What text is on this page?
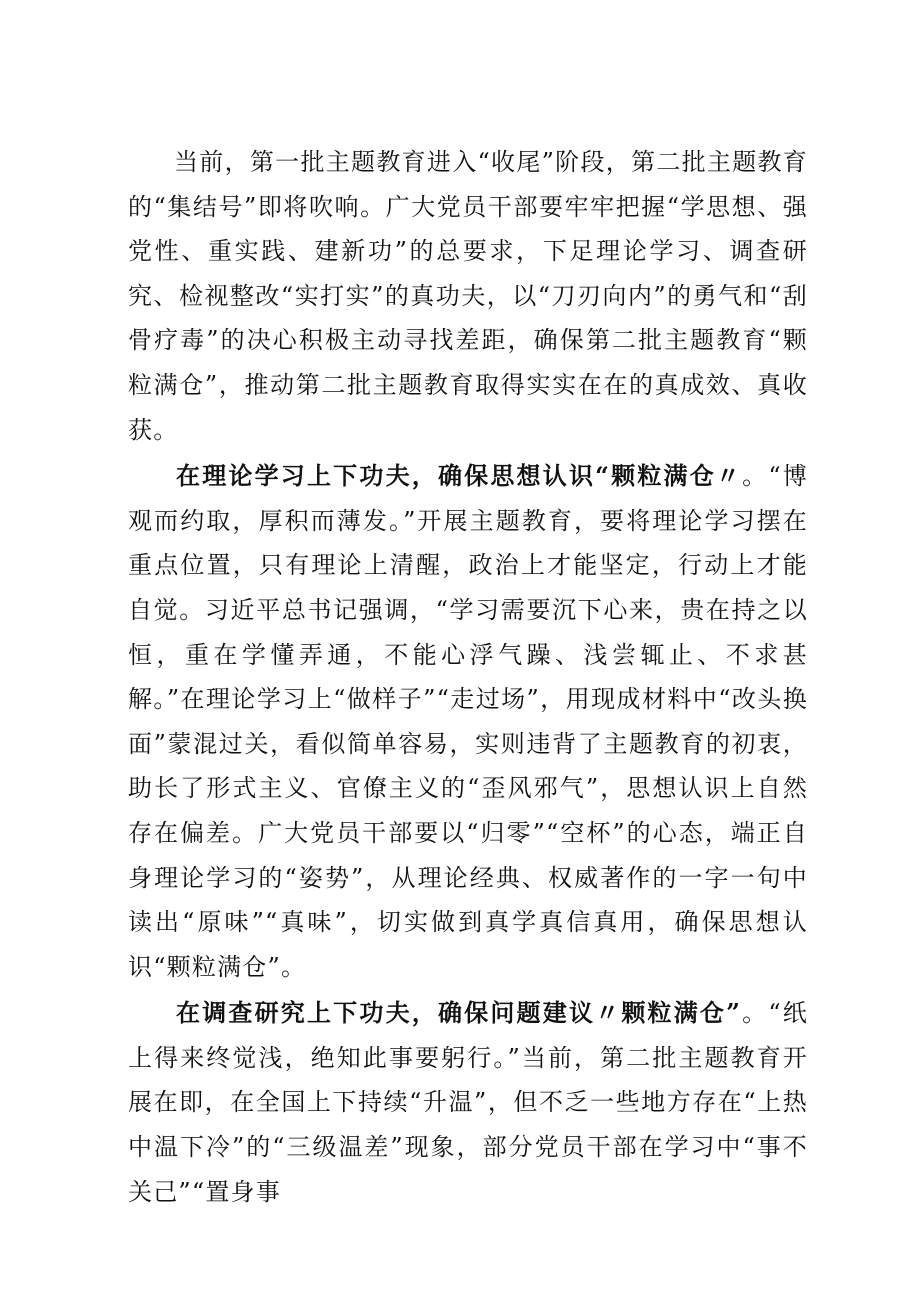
当前，第一批主题教育进入“收尾”阶段，第二批主题教育的“集结号”即将吹响。广大党员干部要牢牢把握“学思想、强党性、重实践、建新功”的总要求，下足理论学习、调查研究、检视整改“实打实”的真功夫，以“刀刃向内”的勇气和“刮骨疗毒”的决心积极主动寻找差距，确保第二批主题教育“颗粒满仓”，推动第二批主题教育取得实实在在的真成效、真收获。

在理论学习上下功夫，确保思想认识“颗粒满仓〃。“博观而约取，厚积而薄发。”开展主题教育，要将理论学习摆在重点位置，只有理论上清醒，政治上才能坚定，行动上才能自觉。习近平总书记强调，“学习需要沉下心来，贵在持之以恒，重在学懂弄通，不能心浮气躁、浅尝辄止、不求甚解。”在理论学习上“做样子”“走过场”，用现成材料中“改头换面”蒙混过关，看似简单容易，实则违背了主题教育的初衷，助长了形式主义、官僚主义的“歪风邪气”，思想认识上自然存在偏差。广大党员干部要以“归零”“空杯”的心态，端正自身理论学习的“姿势”，从理论经典、权威著作的一字一句中读出“原味”“真味”，切实做到真学真信真用，确保思想认识“颗粒满仓”。

在调查研究上下功夫，确保问题建议〃颗粒满仓”。“纸上得来终觉浅，绝知此事要躬行。”当前，第二批主题教育开展在即，在全国上下持续“升温”，但不乏一些地方存在“上热中温下冷”的“三级温差”现象，部分党员干部在学习中“事不关己”“置身事
